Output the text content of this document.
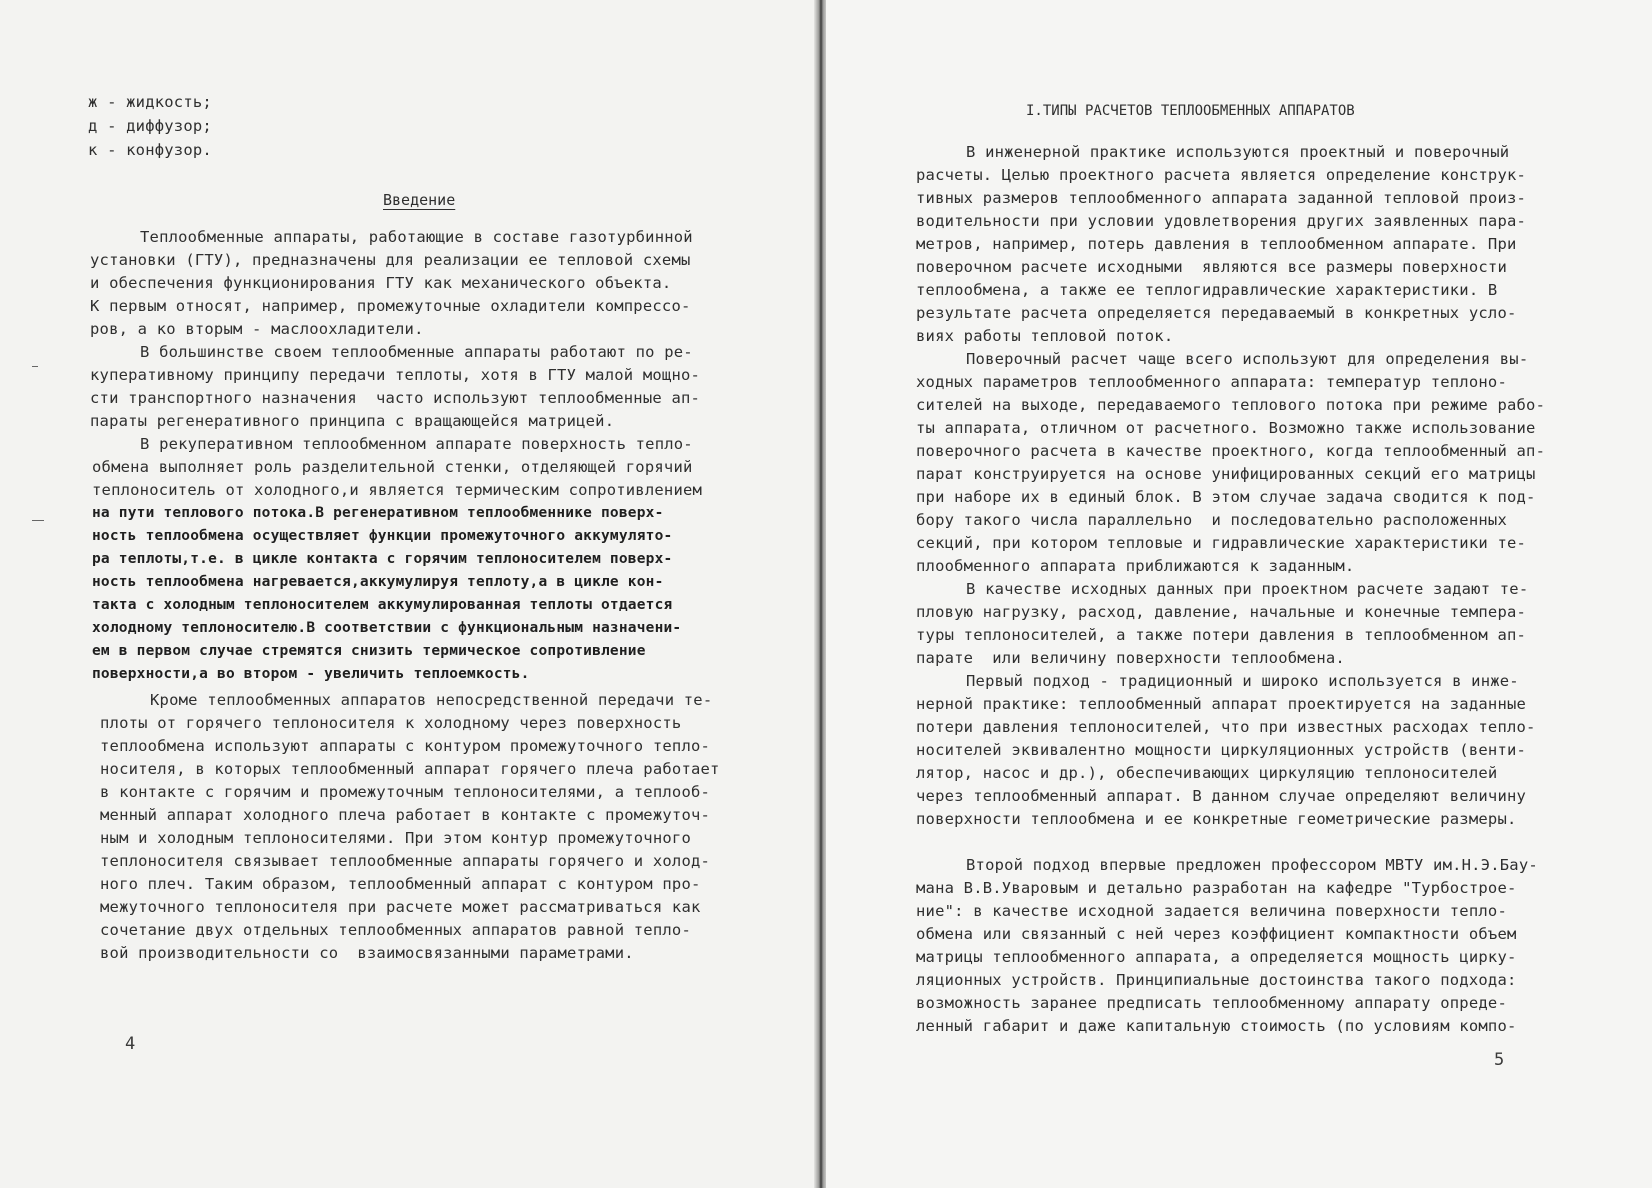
ж - жидкость;
д - диффузор;
к - конфузор.
Введение
Теплообменные аппараты, работающие в составе газотурбинной
установки (ГТУ), предназначены для реализации ее тепловой схемы
и обеспечения функционирования ГТУ как механического объекта.
К первым относят, например, промежуточные охладители компрессо-
ров, а ко вторым - маслоохладители.
В большинстве своем теплообменные аппараты работают по ре-
куперативному принципу передачи теплоты, хотя в ГТУ малой мощно-
сти транспортного назначения  часто используют теплообменные ап-
параты регенеративного принципа с вращающейся матрицей.
В рекуперативном теплообменном аппарате поверхность тепло-
обмена выполняет роль разделительной стенки, отделяющей горячий
теплоноситель от холодного,и является термическим сопротивлением
на пути теплового потока.В регенеративном теплообменнике поверх-
ность теплообмена осуществляет функции промежуточного аккумулято-
ра теплоты,т.е. в цикле контакта с горячим теплоносителем поверх-
ность теплообмена нагревается,аккумулируя теплоту,а в цикле кон-
такта с холодным теплоносителем аккумулированная теплоты отдается
холодному теплоносителю.В соответствии с функциональным назначени-
ем в первом случае стремятся снизить термическое сопротивление
поверхности,а во втором - увеличить теплоемкость.
Кроме теплообменных аппаратов непосредственной передачи те-
плоты от горячего теплоносителя к холодному через поверхность
теплообмена используют аппараты с контуром промежуточного тепло-
носителя, в которых теплообменный аппарат горячего плеча работает
в контакте с горячим и промежуточным теплоносителями, а теплооб-
менный аппарат холодного плеча работает в контакте с промежуточ-
ным и холодным теплоносителями. При этом контур промежуточного
теплоносителя связывает теплообменные аппараты горячего и холод-
ного плеч. Таким образом, теплообменный аппарат с контуром про-
межуточного теплоносителя при расчете может рассматриваться как
сочетание двух отдельных теплообменных аппаратов равной тепло-
вой производительности со  взаимосвязанными параметрами.
4
I.ТИПЫ РАСЧЕТОВ ТЕПЛООБМЕННЫХ АППАРАТОВ
В инженерной практике используются проектный и поверочный
расчеты. Целью проектного расчета является определение конструк-
тивных размеров теплообменного аппарата заданной тепловой произ-
водительности при условии удовлетворения других заявленных пара-
метров, например, потерь давления в теплообменном аппарате. При
поверочном расчете исходными  являются все размеры поверхности
теплообмена, а также ее теплогидравлические характеристики. В
результате расчета определяется передаваемый в конкретных усло-
виях работы тепловой поток.
Поверочный расчет чаще всего используют для определения вы-
ходных параметров теплообменного аппарата: температур теплоно-
сителей на выходе, передаваемого теплового потока при режиме рабо-
ты аппарата, отличном от расчетного. Возможно также использование
поверочного расчета в качестве проектного, когда теплообменный ап-
парат конструируется на основе унифицированных секций его матрицы
при наборе их в единый блок. В этом случае задача сводится к под-
бору такого числа параллельно  и последовательно расположенных
секций, при котором тепловые и гидравлические характеристики те-
плообменного аппарата приближаются к заданным.
В качестве исходных данных при проектном расчете задают те-
пловую нагрузку, расход, давление, начальные и конечные темпера-
туры теплоносителей, а также потери давления в теплообменном ап-
парате  или величину поверхности теплообмена.
Первый подход - традиционный и широко используется в инже-
нерной практике: теплообменный аппарат проектируется на заданные
потери давления теплоносителей, что при известных расходах тепло-
носителей эквивалентно мощности циркуляционных устройств (венти-
лятор, насос и др.), обеспечивающих циркуляцию теплоносителей
через теплообменный аппарат. В данном случае определяют величину
поверхности теплообмена и ее конкретные геометрические размеры.
Второй подход впервые предложен профессором МВТУ им.Н.Э.Бау-
мана В.В.Уваровым и детально разработан на кафедре "Турбострое-
ние": в качестве исходной задается величина поверхности тепло-
обмена или связанный с ней через коэффициент компактности объем
матрицы теплообменного аппарата, а определяется мощность цирку-
ляционных устройств. Принципиальные достоинства такого подхода:
возможность заранее предписать теплообменному аппарату опреде-
ленный габарит и даже капитальную стоимость (по условиям компо-
5
